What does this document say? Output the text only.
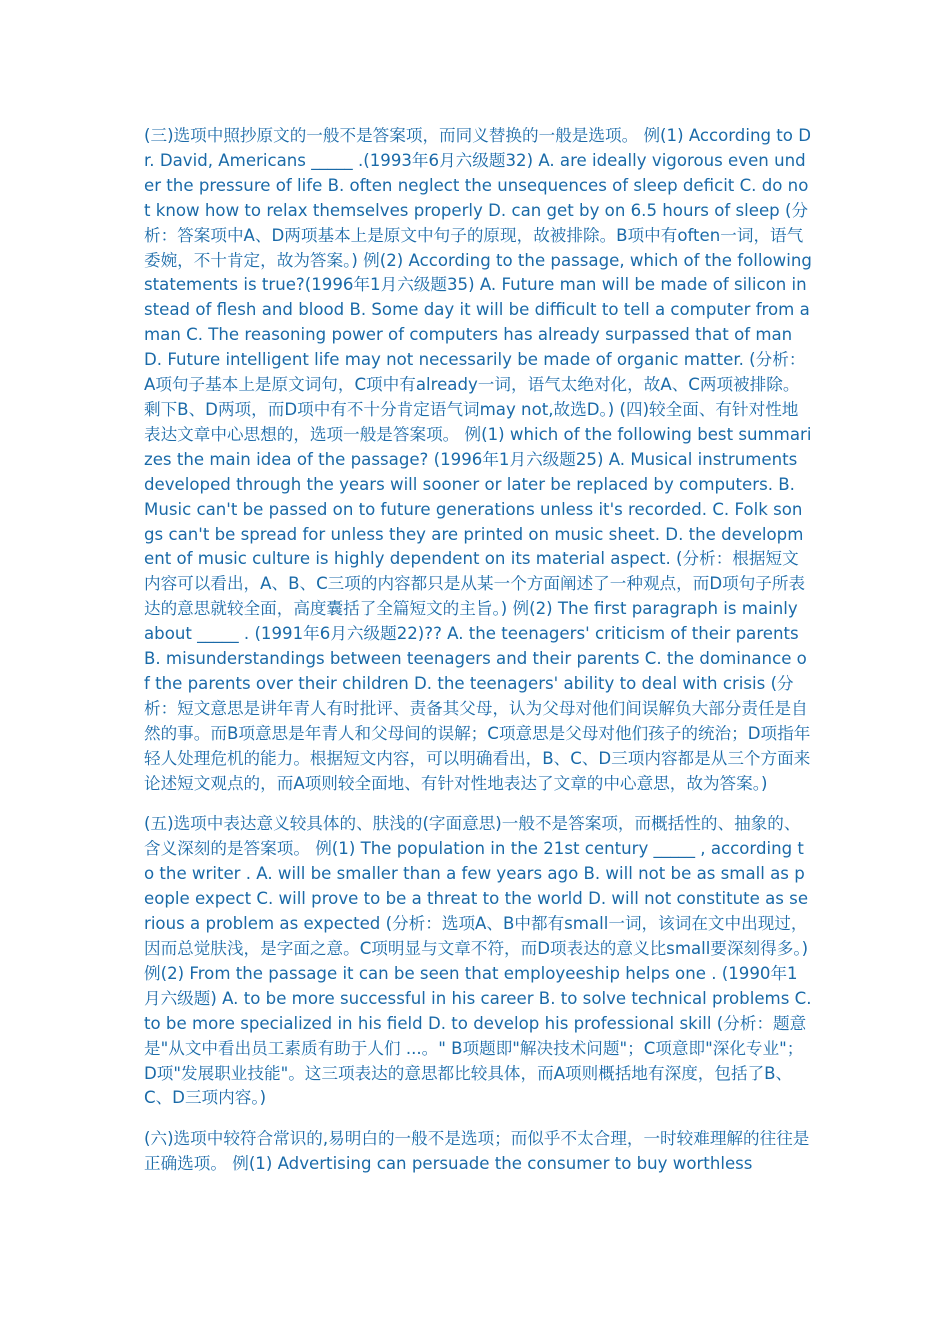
(三)选项中照抄原文的一般不是答案项，而同义替换的一般是选项。 例(1) According to Dr. David, Americans _____ .(1993年6月六级题32) A. are ideally vigorous even under the pressure of life B. often neglect the unsequences of sleep deficit C. do not know how to relax themselves properly D. can get by on 6.5 hours of sleep (分析：答案项中A、D两项基本上是原文中句子的原现，故被排除。B项中有often一词，语气委婉，不十肯定，故为答案。) 例(2) According to the passage, which of the following statements is true?(1996年1月六级题35) A. Future man will be made of silicon instead of flesh and blood B. Some day it will be difficult to tell a computer from a man C. The reasoning power of computers has already surpassed that of man D. Future intelligent life may not necessarily be made of organic matter. (分析：A项句子基本上是原文词句，C项中有already一词，语气太绝对化，故A、C两项被排除。剩下B、D两项，而D项中有不十分肯定语气词may not,故选D。) (四)较全面、有针对性地表达文章中心思想的，选项一般是答案项。 例(1) which of the following best summarizes the main idea of the passage? (1996年1月六级题25) A. Musical instruments developed through the years will sooner or later be replaced by computers. B. Music can't be passed on to future generations unless it's recorded. C. Folk songs can't be spread for unless they are printed on music sheet. D. the development of music culture is highly dependent on its material aspect. (分析：根据短文内容可以看出，A、B、C三项的内容都只是从某一个方面阐述了一种观点，而D项句子所表达的意思就较全面，高度囊括了全篇短文的主旨。) 例(2) The first paragraph is mainly about _____ . (1991年6月六级题22)?? A. the teenagers' criticism of their parents B. misunderstandings between teenagers and their parents C. the dominance of the parents over their children D. the teenagers' ability to deal with crisis (分析：短文意思是讲年青人有时批评、责备其父母，认为父母对他们间误解负大部分责任是自然的事。而B项意思是年青人和父母间的误解；C项意思是父母对他们孩子的统治；D项指年轻人处理危机的能力。根据短文内容，可以明确看出，B、C、D三项内容都是从三个方面来论述短文观点的，而A项则较全面地、有针对性地表达了文章的中心意思，故为答案。)

(五)选项中表达意义较具体的、肤浅的(字面意思)一般不是答案项，而概括性的、抽象的、含义深刻的是答案项。 例(1) The population in the 21st century _____ , according to the writer . A. will be smaller than a few years ago B. will not be as small as people expect C. will prove to be a threat to the world D. will not constitute as serious a problem as expected (分析：选项A、B中都有small一词，该词在文中出现过，因而总觉肤浅，是字面之意。C项明显与文章不符，而D项表达的意义比small要深刻得多。) 例(2) From the passage it can be seen that employeeship helps one . (1990年1月六级题) A. to be more successful in his career B. to solve technical problems C. to be more specialized in his field D. to develop his professional skill (分析：题意是"从文中看出员工素质有助于人们 ...。" B项题即"解决技术问题"；C项意即"深化专业"；D项"发展职业技能"。这三项表达的意思都比较具体，而A项则概括地有深度，包括了B、C、D三项内容。)

(六)选项中较符合常识的,易明白的一般不是选项；而似乎不太合理，一时较难理解的往往是正确选项。 例(1) Advertising can persuade the consumer to buy worthless
